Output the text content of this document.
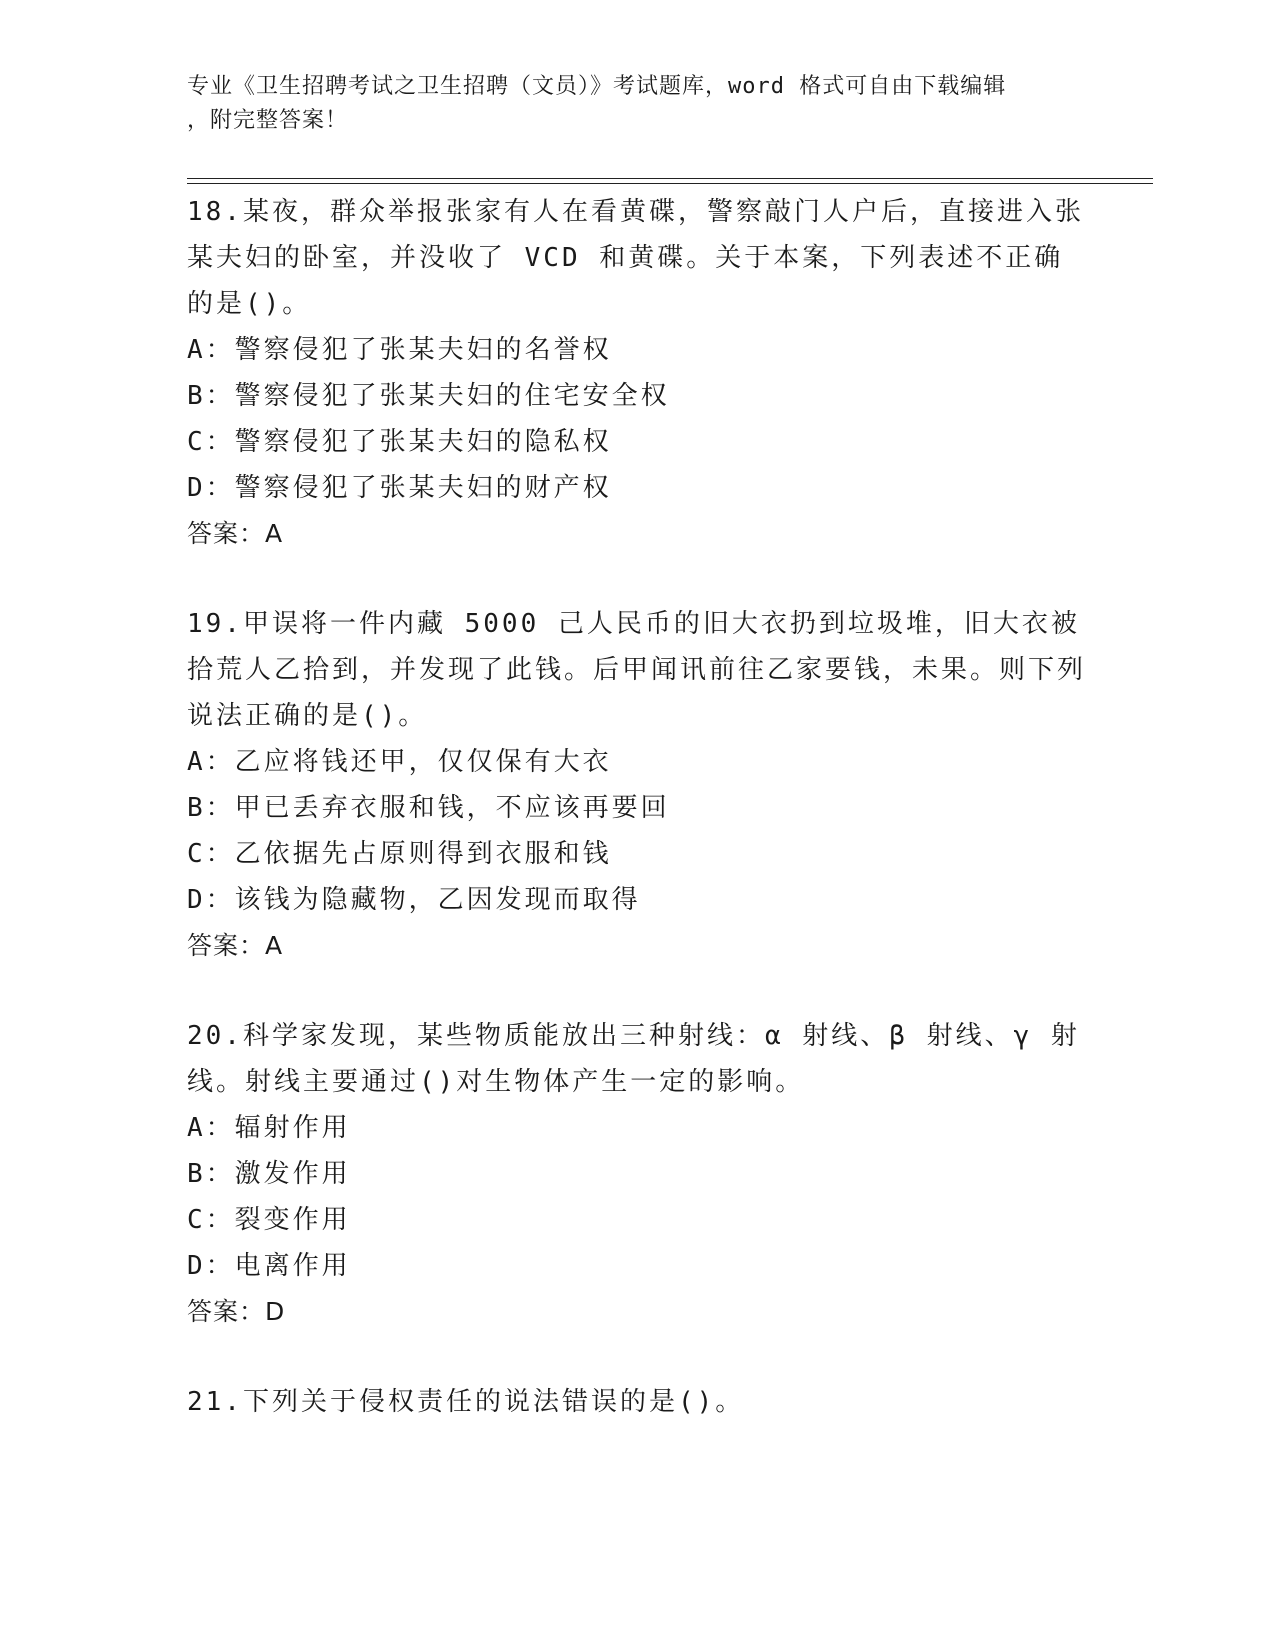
专业《卫生招聘考试之卫生招聘（文员）》考试题库，word 格式可自由下载编辑
，附完整答案！
18.某夜，群众举报张家有人在看黄碟，警察敲门人户后，直接进入张某夫妇的卧室，并没收了 VCD 和黄碟。关于本案，下列表述不正确的是()。
A：警察侵犯了张某夫妇的名誉权
B：警察侵犯了张某夫妇的住宅安全权
C：警察侵犯了张某夫妇的隐私权
D：警察侵犯了张某夫妇的财产权
答案：A
19.甲误将一件内藏 5000 己人民币的旧大衣扔到垃圾堆，旧大衣被拾荒人乙拾到，并发现了此钱。后甲闻讯前往乙家要钱，未果。则下列说法正确的是()。
A：乙应将钱还甲，仅仅保有大衣
B：甲已丢弃衣服和钱，不应该再要回
C：乙依据先占原则得到衣服和钱
D：该钱为隐藏物，乙因发现而取得
答案：A
20.科学家发现，某些物质能放出三种射线：α 射线、β 射线、γ 射线。射线主要通过()对生物体产生一定的影响。
A：辐射作用
B：激发作用
C：裂变作用
D：电离作用
答案：D
21.下列关于侵权责任的说法错误的是()。
